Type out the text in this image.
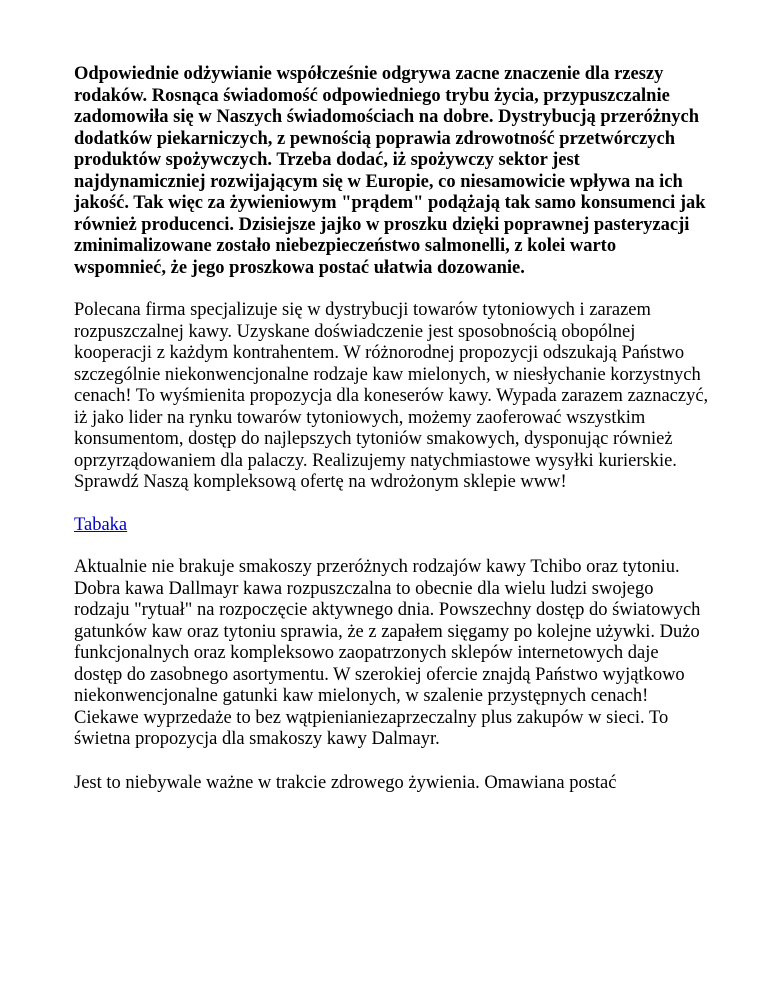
Odpowiednie odżywianie współcześnie odgrywa zacne znaczenie dla rzeszy rodaków. Rosnąca świadomość odpowiedniego trybu życia, przypuszczalnie zadomowiła się w Naszych świadomościach na dobre. Dystrybucją przeróżnych dodatków piekarniczych, z pewnością poprawia zdrowotność przetwórczych produktów spożywczych. Trzeba dodać, iż spożywczy sektor jest najdynamiczniej rozwijającym się w Europie, co niesamowicie wpływa na ich jakość. Tak więc za żywieniowym "prądem" podążają tak samo konsumenci jak również producenci. Dzisiejsze jajko w proszku dzięki poprawnej pasteryzacji zminimalizowane zostało niebezpieczeństwo salmonelli, z kolei warto wspomnieć, że jego proszkowa postać ułatwia dozowanie.

Polecana firma specjalizuje się w dystrybucji towarów tytoniowych i zarazem rozpuszczalnej kawy. Uzyskane doświadczenie jest sposobnością obopólnej kooperacji z każdym kontrahentem. W różnorodnej propozycji odszukają Państwo szczególnie niekonwencjonalne rodzaje kaw mielonych, w niesłychanie korzystnych cenach! To wyśmienita propozycja dla koneserów kawy. Wypada zarazem zaznaczyć, iż jako lider na rynku towarów tytoniowych, możemy zaoferować wszystkim konsumentom, dostęp do najlepszych tytoniów smakowych, dysponując również oprzyrządowaniem dla palaczy. Realizujemy natychmiastowe wysyłki kurierskie. Sprawdź Naszą kompleksową ofertę na wdrożonym sklepie www!

Tabaka

Aktualnie nie brakuje smakoszy przeróżnych rodzajów kawy Tchibo oraz tytoniu. Dobra kawa Dallmayr kawa rozpuszczalna to obecnie dla wielu ludzi swojego rodzaju "rytuał" na rozpoczęcie aktywnego dnia. Powszechny dostęp do światowych gatunków kaw oraz tytoniu sprawia, że z zapałem sięgamy po kolejne używki. Dużo funkcjonalnych oraz kompleksowo zaopatrzonych sklepów internetowych daje dostęp do zasobnego asortymentu. W szerokiej ofercie znajdą Państwo wyjątkowo niekonwencjonalne gatunki kaw mielonych, w szalenie przystępnych cenach! Ciekawe wyprzedaże to bez wątpienianiezaprzeczalny plus zakupów w sieci. To świetna propozycja dla smakoszy kawy Dalmayr.

Jest to niebywale ważne w trakcie zdrowego żywienia. Omawiana postać
